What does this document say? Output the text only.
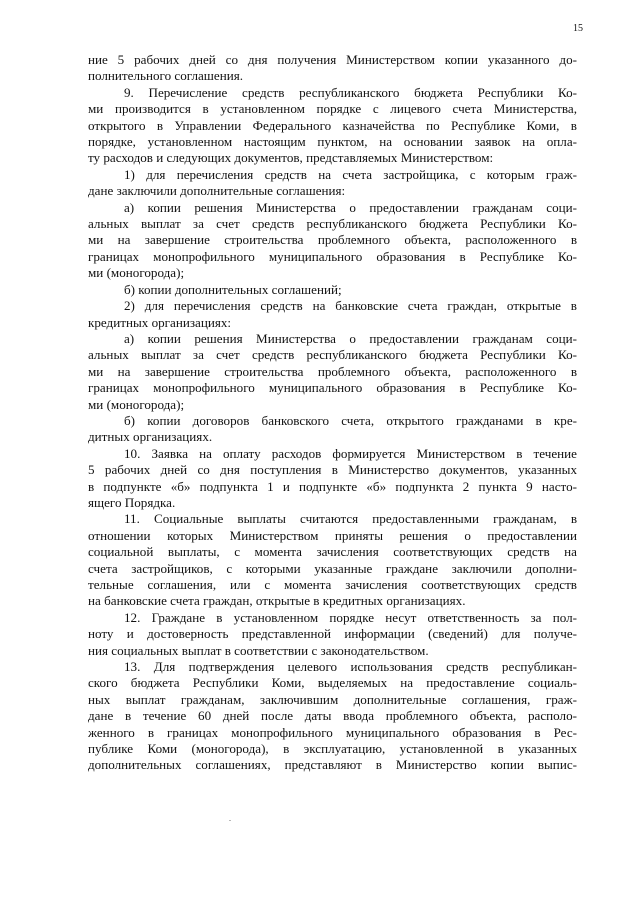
15
ние 5 рабочих дней со дня получения Министерством копии указанного до-
полнительного соглашения.
9. Перечисление средств республиканского бюджета Республики Ко-
ми производится в установленном порядке с лицевого счета Министерства,
открытого в Управлении Федерального казначейства по Республике Коми, в
порядке, установленном настоящим пунктом, на основании заявок на опла-
ту расходов и следующих документов, представляемых Министерством:
1) для перечисления средств на счета застройщика, с которым граж-
дане заключили дополнительные соглашения:
а) копии решения Министерства о предоставлении гражданам соци-
альных выплат за счет средств республиканского бюджета Республики Ко-
ми на завершение строительства проблемного объекта, расположенного в
границах монопрофильного муниципального образования в Республике Ко-
ми (моногорода);
б) копии дополнительных соглашений;
2) для перечисления средств на банковские счета граждан, открытые в
кредитных организациях:
а) копии решения Министерства о предоставлении гражданам соци-
альных выплат за счет средств республиканского бюджета Республики Ко-
ми на завершение строительства проблемного объекта, расположенного в
границах монопрофильного муниципального образования в Республике Ко-
ми (моногорода);
б) копии договоров банковского счета, открытого гражданами в кре-
дитных организациях.
10. Заявка на оплату расходов формируется Министерством в течение
5 рабочих дней со дня поступления в Министерство документов, указанных
в подпункте «б» подпункта 1 и подпункте «б» подпункта 2 пункта 9 насто-
ящего Порядка.
11. Социальные выплаты считаются предоставленными гражданам, в
отношении которых Министерством приняты решения о предоставлении
социальной выплаты, с момента зачисления соответствующих средств на
счета застройщиков, с которыми указанные граждане заключили дополни-
тельные соглашения, или с момента зачисления соответствующих средств
на банковские счета граждан, открытые в кредитных организациях.
12. Граждане в установленном порядке несут ответственность за пол-
ноту и достоверность представленной информации (сведений) для получе-
ния социальных выплат в соответствии с законодательством.
13. Для подтверждения целевого использования средств республикан-
ского бюджета Республики Коми, выделяемых на предоставление социаль-
ных выплат гражданам, заключившим дополнительные соглашения, граж-
дане в течение 60 дней после даты ввода проблемного объекта, располо-
женного в границах монопрофильного муниципального образования в Рес-
публике Коми (моногорода), в эксплуатацию, установленной в указанных
дополнительных соглашениях, представляют в Министерство копии выпис-
